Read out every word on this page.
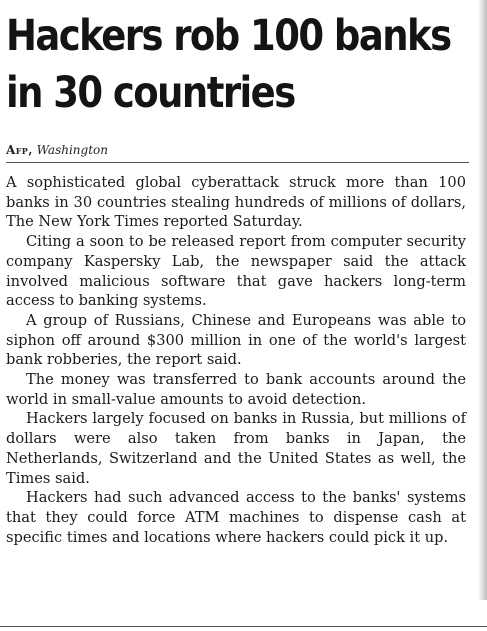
Hackers rob 100 banks in 30 countries
Afp, Washington

A sophisticated global cyberattack struck more than 100 banks in 30 countries stealing hundreds of millions of dollars, The New York Times reported Saturday.

Citing a soon to be released report from computer security company Kaspersky Lab, the newspaper said the attack involved malicious software that gave hackers long-term access to banking systems.

A group of Russians, Chinese and Europeans was able to siphon off around $300 million in one of the world's largest bank robberies, the report said.

The money was transferred to bank accounts around the world in small-value amounts to avoid detection.

Hackers largely focused on banks in Russia, but millions of dollars were also taken from banks in Japan, the Netherlands, Switzerland and the United States as well, the Times said.

Hackers had such advanced access to the banks' systems that they could force ATM machines to dispense cash at specific times and locations where hackers could pick it up.
